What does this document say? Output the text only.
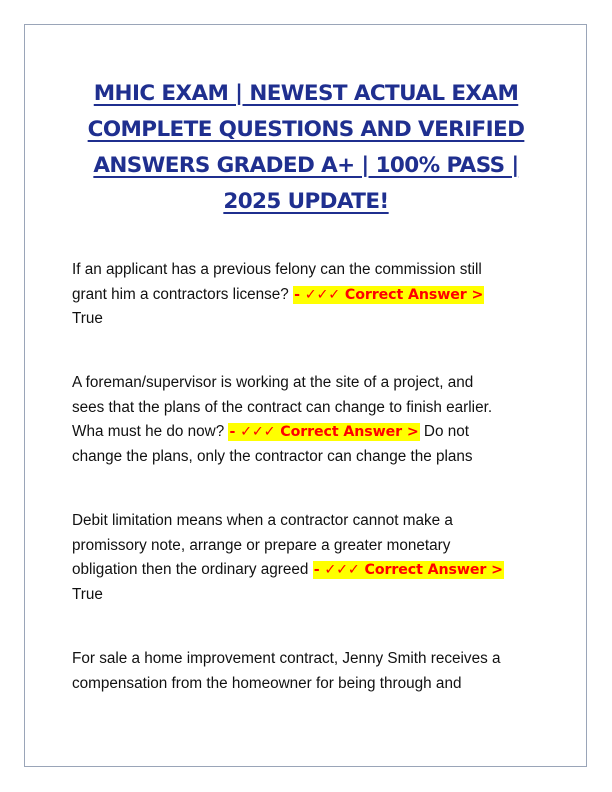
MHIC EXAM | NEWEST ACTUAL EXAM
COMPLETE QUESTIONS AND VERIFIED
ANSWERS GRADED A+ | 100% PASS |
2025 UPDATE!

If an applicant has a previous felony can the commission still
grant him a contractors license? - ✓✓✓ Correct Answer >
True

A foreman/supervisor is working at the site of a project, and
sees that the plans of the contract can change to finish earlier.
Wha must he do now? - ✓✓✓ Correct Answer > Do not
change the plans, only the contractor can change the plans

Debit limitation means when a contractor cannot make a
promissory note, arrange or prepare a greater monetary
obligation then the ordinary agreed - ✓✓✓ Correct Answer >
True

For sale a home improvement contract, Jenny Smith receives a
compensation from the homeowner for being through and
